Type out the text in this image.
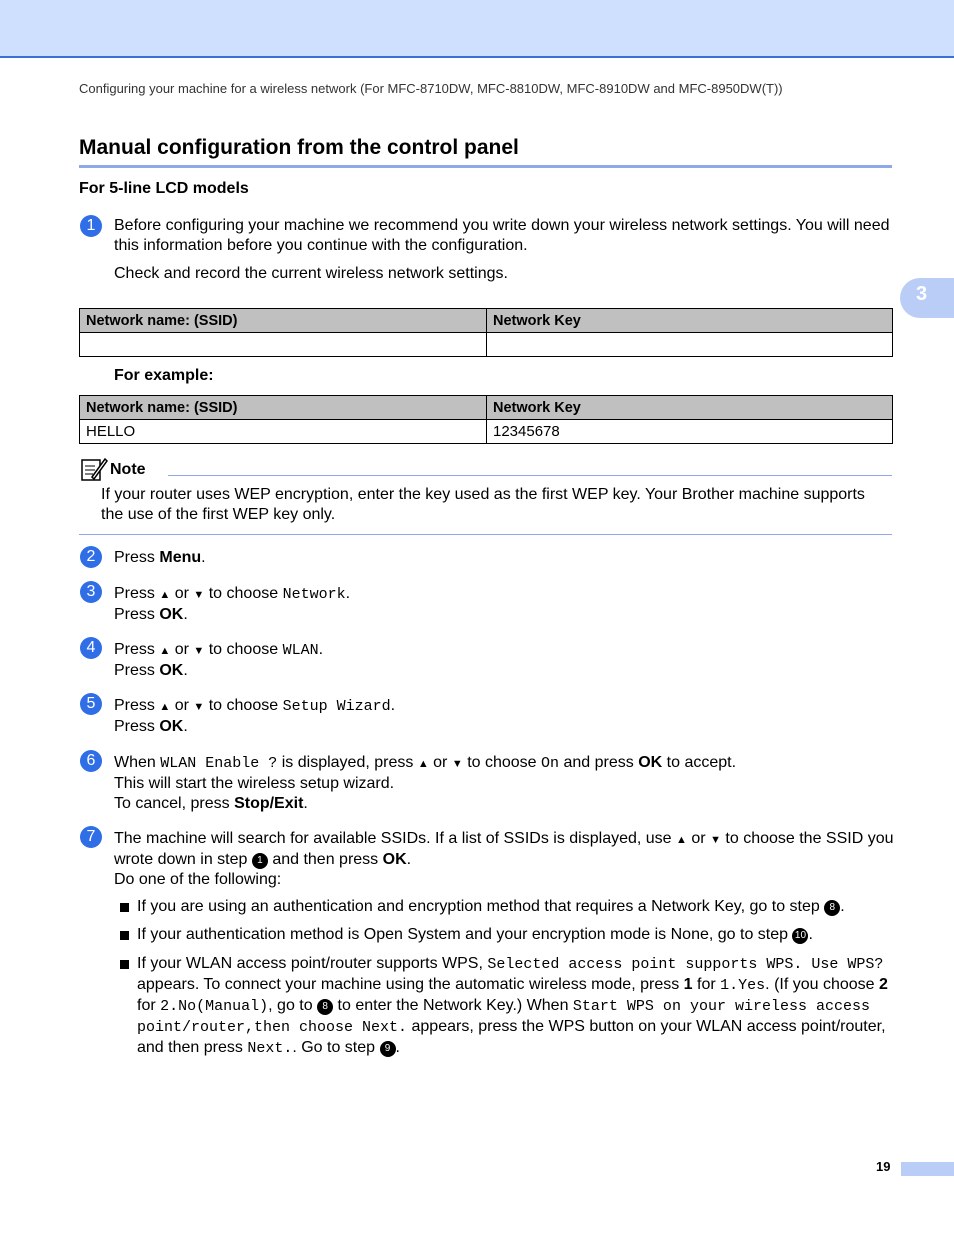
Configuring your machine for a wireless network (For MFC-8710DW, MFC-8810DW, MFC-8910DW and MFC-8950DW(T))
Manual configuration from the control panel
For 5-line LCD models
3
1	Before configuring your machine we recommend you write down your wireless network settings. You will need this information before you continue with the configuration.
Check and record the current wireless network settings.
Network name: (SSID)	Network Key

For example:
Network name: (SSID)	Network Key
HELLO	12345678
Note
If your router uses WEP encryption, enter the key used as the first WEP key. Your Brother machine supports the use of the first WEP key only.
2	Press Menu.
3	Press ▲ or ▼ to choose Network.
Press OK.
4	Press ▲ or ▼ to choose WLAN.
Press OK.
5	Press ▲ or ▼ to choose Setup Wizard.
Press OK.
6	When WLAN Enable ? is displayed, press ▲ or ▼ to choose On and press OK to accept.
This will start the wireless setup wizard.
To cancel, press Stop/Exit.
7	The machine will search for available SSIDs. If a list of SSIDs is displayed, use ▲ or ▼ to choose the SSID you wrote down in step 1 and then press OK.
Do one of the following:
If you are using an authentication and encryption method that requires a Network Key, go to step 8 .
If your authentication method is Open System and your encryption mode is None, go to step 10 .
If your WLAN access point/router supports WPS, Selected access point supports WPS. Use WPS? appears. To connect your machine using the automatic wireless mode, press 1 for 1.Yes. (If you choose 2 for 2.No(Manual), go to 8 to enter the Network Key.) When Start WPS on your wireless access point/router,then choose Next. appears, press the WPS button on your WLAN access point/router, and then press Next.. Go to step 9 .
19
